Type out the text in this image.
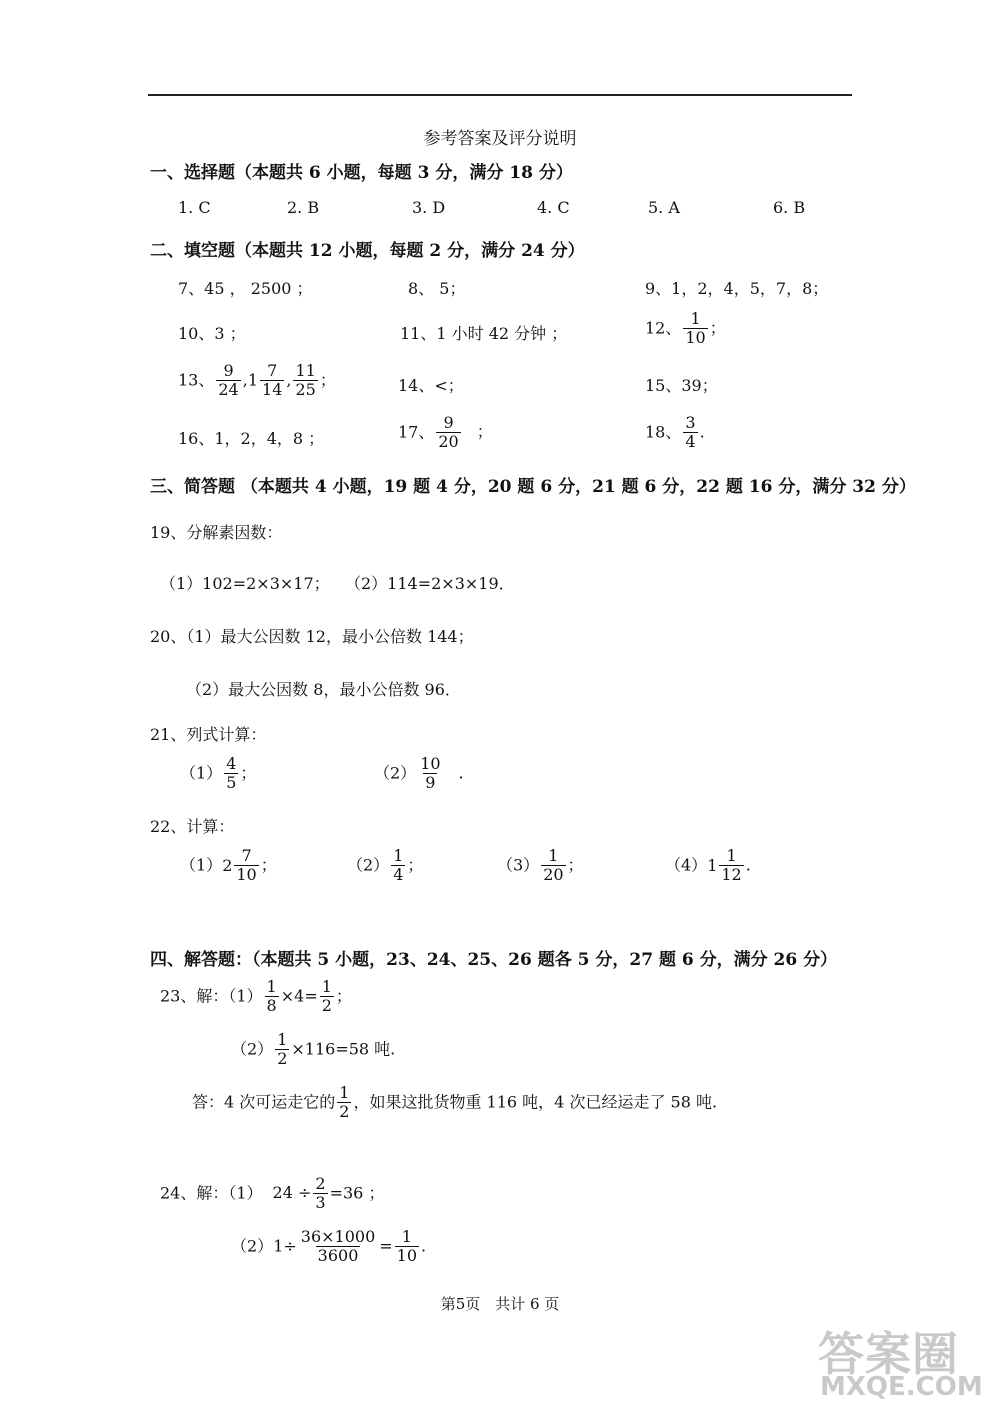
参考答案及评分说明
一、选择题（本题共 6 小题，每题 3 分，满分 18 分）
1. C	2. B	3. D	4. C	5. A	6. B
二、填空题（本题共 12 小题，每题 2 分，满分 24 分）
7、45 ， 2500 ；	8、 5；	9、1，2，4，5，7，8；
10、3 ；	11、1 小时 42 分钟 ；	12、 $\frac{1}{10}$ ；
13、 $\frac{9}{24} ,1 \frac{7}{14}$ , $\frac{11}{25}$ ；	14、<；	15、39；
16、1，2，4，8 ；	17、 $\frac{9}{20}$ ；	18、 $\frac{3}{4}$ .
三、简答题 （本题共 4 小题，19 题 4 分，20 题 6 分，21 题 6 分，22 题 16 分，满分 32 分）
19、分解素因数：
（1）102=2×3×17； （2）114=2×3×19．
20、（1）最大公因数 12，最小公倍数 144；
（2）最大公因数 8，最小公倍数 96．
21、列式计算：
$(1) \frac{4}{5}$ ；	$(2) \frac{10}{9}$ ．
22、计算：
（1） $2 \frac{7}{10}$ ；	$(2) \frac{1}{4}$ ；	$(3) \frac{1}{20}$ ；	（4） $1 \frac{1}{12}$ .
四、解答题：（本题共 5 小题，23、24、25、26 题各 5 分，27 题 6 分，满分 26 分）
23、解：$(1) \frac{1}{8} \times 4= \frac{1}{2}$ ；
$(2) \frac{1}{2} \times 116=58$ 吨.
答：4 次可运走它的 $\frac{1}{2}$ ，如果这批货物重 116 吨，4 次已经运走了 58 吨.
24、解：（1） $24 \div \frac{2}{3} =36$ ；
$(2)1\div \frac{36\times 1000}{3600} = \frac{1}{10}$ .
第5页　共计 6 页
答案圈
MXQE.COM
